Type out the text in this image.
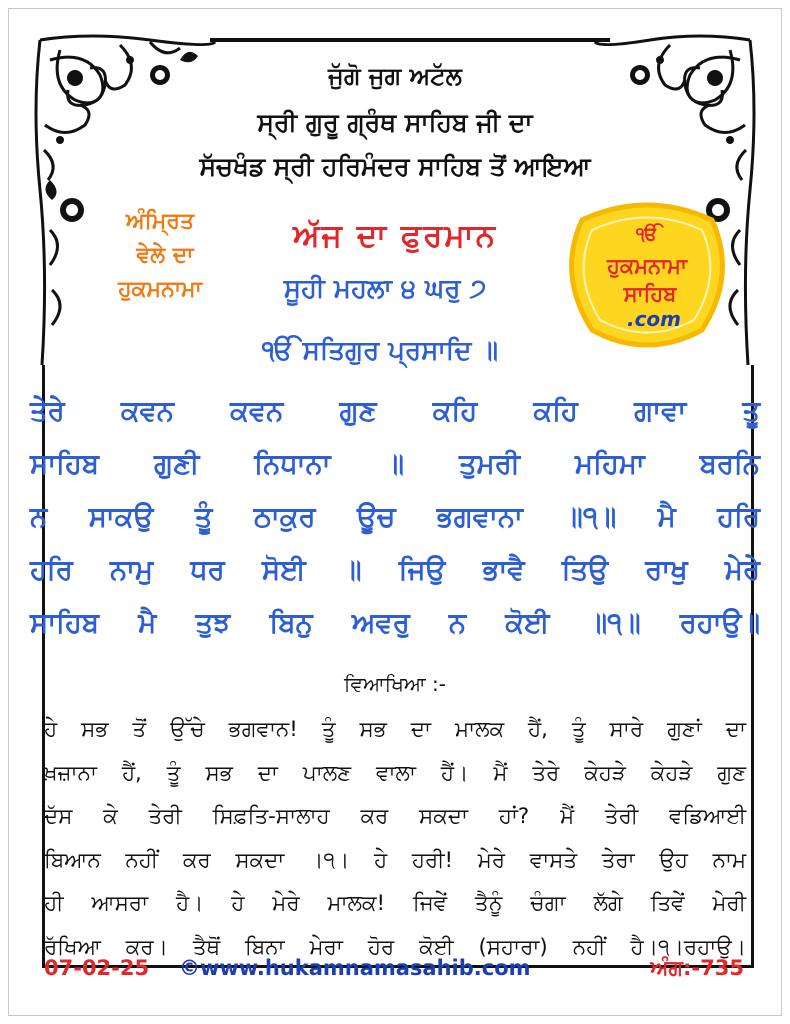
ਜੁੱਗੋ ਜੁਗ ਅਟੱਲ
ਸ੍ਰੀ ਗੁਰੂ ਗ੍ਰੰਥ ਸਾਹਿਬ ਜੀ ਦਾ
ਸੱਚਖੰਡ ਸ੍ਰੀ ਹਰਿਮੰਦਰ ਸਾਹਿਬ ਤੋਂ ਆਇਆ
ਅੰਮ੍ਰਿਤ
ਵੇਲੇ ਦਾ
ਹੁਕਮਨਾਮਾ
ਅੱਜ ਦਾ ਫੁਰਮਾਨ
ਸੂਹੀ ਮਹਲਾ ੪ ਘਰੁ ੭
ੴ ਸਤਿਗੁਰ ਪ੍ਰਸਾਦਿ ॥
ੴ
ਹੁਕਮਨਾਮਾ
ਸਾਹਿਬ
.com
ਤੇਰੇ ਕਵਨ ਕਵਨ ਗੁਣ ਕਹਿ ਕਹਿ ਗਾਵਾ ਤੂ
ਸਾਹਿਬ ਗੁਣੀ ਨਿਧਾਨਾ ॥ ਤੁਮਰੀ ਮਹਿਮਾ ਬਰਨਿ
ਨ ਸਾਕਉ ਤੂੰ ਠਾਕੁਰ ਊਚ ਭਗਵਾਨਾ ॥੧॥ ਮੈ ਹਰਿ
ਹਰਿ ਨਾਮੁ ਧਰ ਸੋਈ ॥ ਜਿਉ ਭਾਵੈ ਤਿਉ ਰਾਖੁ ਮੇਰੇ
ਸਾਹਿਬ ਮੈ ਤੁਝ ਬਿਨੁ ਅਵਰੁ ਨ ਕੋਈ ॥੧॥ ਰਹਾਉ॥
ਵਿਆਖਿਆ :-
ਹੇ ਸਭ ਤੋਂ ਉੱਚੇ ਭਗਵਾਨ! ਤੂੰ ਸਭ ਦਾ ਮਾਲਕ ਹੈਂ, ਤੂੰ ਸਾਰੇ ਗੁਣਾਂ ਦਾ
ਖ਼ਜ਼ਾਨਾ ਹੈਂ, ਤੂੰ ਸਭ ਦਾ ਪਾਲਣ ਵਾਲਾ ਹੈਂ। ਮੈਂ ਤੇਰੇ ਕੇਹੜੇ ਕੇਹੜੇ ਗੁਣ
ਦੱਸ ਕੇ ਤੇਰੀ ਸਿਫ਼ਤਿ-ਸਾਲਾਹ ਕਰ ਸਕਦਾ ਹਾਂ? ਮੈਂ ਤੇਰੀ ਵਡਿਆਈ
ਬਿਆਨ ਨਹੀਂ ਕਰ ਸਕਦਾ ।੧। ਹੇ ਹਰੀ! ਮੇਰੇ ਵਾਸਤੇ ਤੇਰਾ ਉਹ ਨਾਮ
ਹੀ ਆਸਰਾ ਹੈ। ਹੇ ਮੇਰੇ ਮਾਲਕ! ਜਿਵੇਂ ਤੈਨੂੰ ਚੰਗਾ ਲੱਗੇ ਤਿਵੇਂ ਮੇਰੀ
ਰੱਖਿਆ ਕਰ। ਤੈਥੋਂ ਬਿਨਾ ਮੇਰਾ ਹੋਰ ਕੋਈ (ਸਹਾਰਾ) ਨਹੀਂ ਹੈ।੧।ਰਹਾਉ।
07-02-25 ©www.hukamnamasahib.com	ਅੰਗ:-735
